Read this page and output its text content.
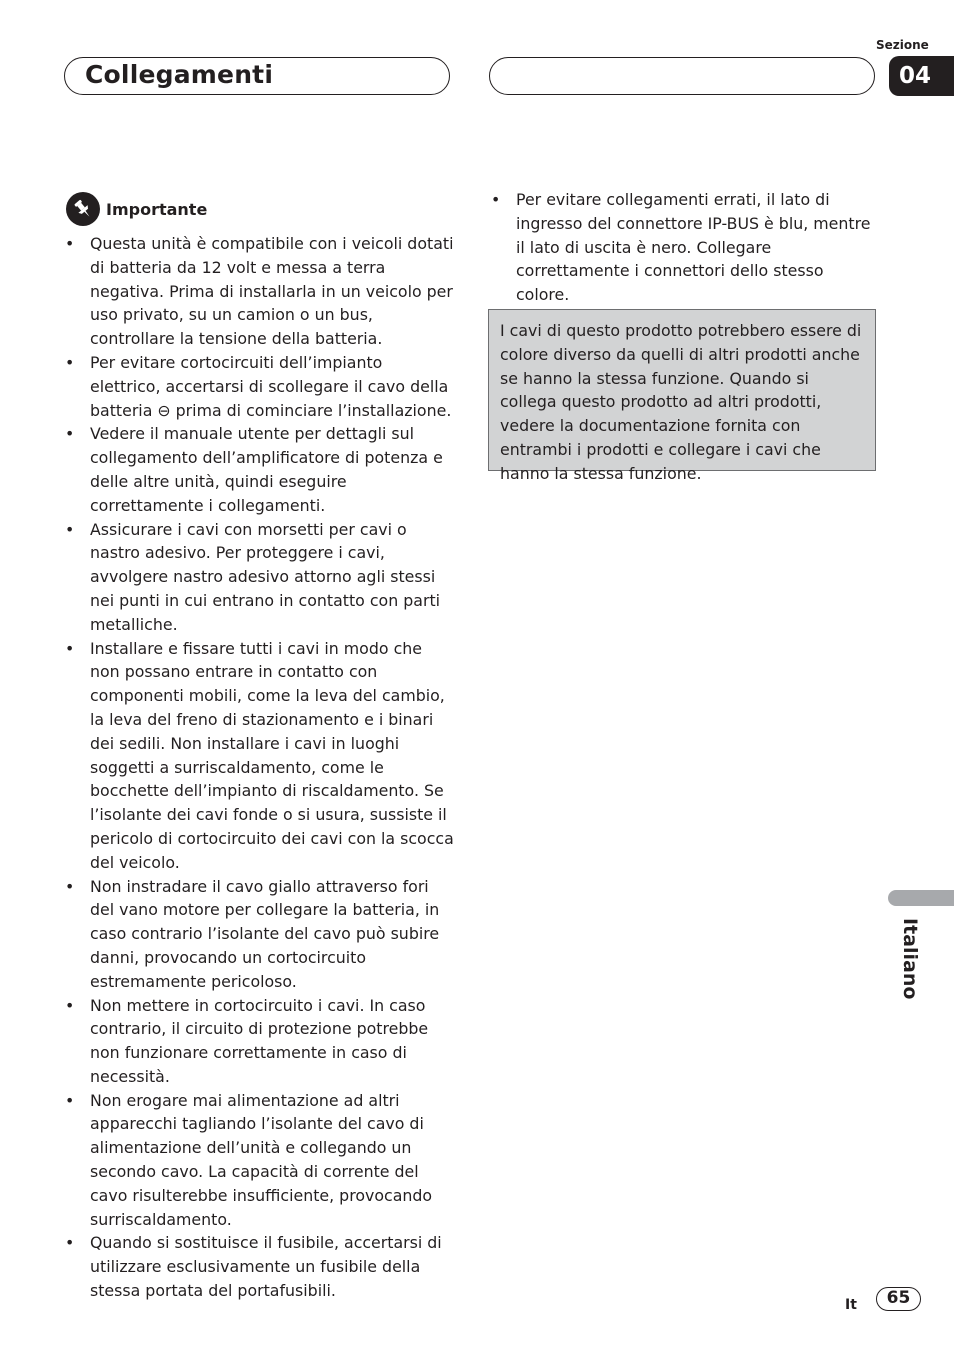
Collegamenti
Sezione
04
Importante
• Questa unità è compatibile con i veicoli dotati di batteria da 12 volt e messa a terra negativa. Prima di installarla in un veicolo per uso privato, su un camion o un bus, controllare la tensione della batteria.
• Per evitare cortocircuiti dell’impianto elettrico, accertarsi di scollegare il cavo della batteria ⊖ prima di cominciare l’installazione.
• Vedere il manuale utente per dettagli sul collegamento dell’amplificatore di potenza e delle altre unità, quindi eseguire correttamente i collegamenti.
• Assicurare i cavi con morsetti per cavi o nastro adesivo. Per proteggere i cavi, avvolgere nastro adesivo attorno agli stessi nei punti in cui entrano in contatto con parti metalliche.
• Installare e fissare tutti i cavi in modo che non possano entrare in contatto con componenti mobili, come la leva del cambio, la leva del freno di stazionamento e i binari dei sedili. Non installare i cavi in luoghi soggetti a surriscaldamento, come le bocchette dell’impianto di riscaldamento. Se l’isolante dei cavi fonde o si usura, sussiste il pericolo di cortocircuito dei cavi con la scocca del veicolo.
• Non instradare il cavo giallo attraverso fori del vano motore per collegare la batteria, in caso contrario l’isolante del cavo può subire danni, provocando un cortocircuito estremamente pericoloso.
• Non mettere in cortocircuito i cavi. In caso contrario, il circuito di protezione potrebbe non funzionare correttamente in caso di necessità.
• Non erogare mai alimentazione ad altri apparecchi tagliando l’isolante del cavo di alimentazione dell’unità e collegando un secondo cavo. La capacità di corrente del cavo risulterebbe insufficiente, provocando surriscaldamento.
• Quando si sostituisce il fusibile, accertarsi di utilizzare esclusivamente un fusibile della stessa portata del portafusibili.
• Per evitare collegamenti errati, il lato di ingresso del connettore IP-BUS è blu, mentre il lato di uscita è nero. Collegare correttamente i connettori dello stesso colore.
I cavi di questo prodotto potrebbero essere di colore diverso da quelli di altri prodotti anche se hanno la stessa funzione. Quando si collega questo prodotto ad altri prodotti, vedere la documentazione fornita con entrambi i prodotti e collegare i cavi che hanno la stessa funzione.
Italiano
It	65
